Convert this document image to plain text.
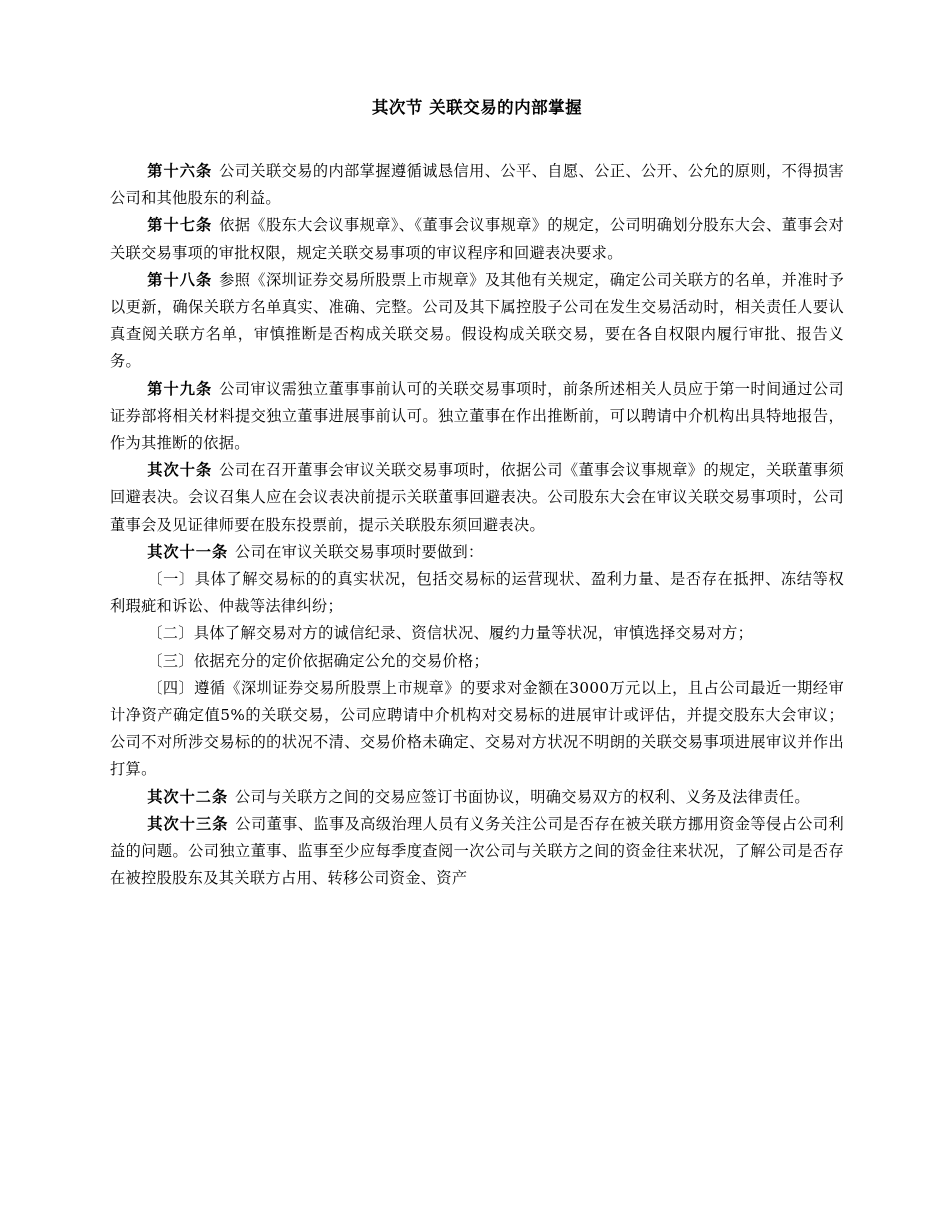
其次节 关联交易的内部掌握

第十六条 公司关联交易的内部掌握遵循诚恳信用、公平、自愿、公正、公开、公允的原则，不得损害公司和其他股东的利益。

第十七条 依据《股东大会议事规章》、《董事会议事规章》的规定，公司明确划分股东大会、董事会对关联交易事项的审批权限，规定关联交易事项的审议程序和回避表决要求。

第十八条 参照《深圳证券交易所股票上市规章》及其他有关规定，确定公司关联方的名单，并准时予以更新，确保关联方名单真实、准确、完整。公司及其下属控股子公司在发生交易活动时，相关责任人要认真查阅关联方名单，审慎推断是否构成关联交易。假设构成关联交易，要在各自权限内履行审批、报告义务。

第十九条 公司审议需独立董事事前认可的关联交易事项时，前条所述相关人员应于第一时间通过公司证券部将相关材料提交独立董事进展事前认可。独立董事在作出推断前，可以聘请中介机构出具特地报告，作为其推断的依据。

其次十条 公司在召开董事会审议关联交易事项时，依据公司《董事会议事规章》的规定，关联董事须回避表决。会议召集人应在会议表决前提示关联董事回避表决。公司股东大会在审议关联交易事项时，公司董事会及见证律师要在股东投票前，提示关联股东须回避表决。

其次十一条 公司在审议关联交易事项时要做到：

〔一〕具体了解交易标的的真实状况，包括交易标的运营现状、盈利力量、是否存在抵押、冻结等权利瑕疵和诉讼、仲裁等法律纠纷；

〔二〕具体了解交易对方的诚信纪录、资信状况、履约力量等状况，审慎选择交易对方；

〔三〕依据充分的定价依据确定公允的交易价格；

〔四〕遵循《深圳证券交易所股票上市规章》的要求对金额在3000万元以上，且占公司最近一期经审计净资产确定值5%的关联交易，公司应聘请中介机构对交易标的进展审计或评估，并提交股东大会审议；公司不对所涉交易标的的状况不清、交易价格未确定、交易对方状况不明朗的关联交易事项进展审议并作出打算。

其次十二条 公司与关联方之间的交易应签订书面协议，明确交易双方的权利、义务及法律责任。

其次十三条 公司董事、监事及高级治理人员有义务关注公司是否存在被关联方挪用资金等侵占公司利益的问题。公司独立董事、监事至少应每季度查阅一次公司与关联方之间的资金往来状况，了解公司是否存在被控股股东及其关联方占用、转移公司资金、资产
